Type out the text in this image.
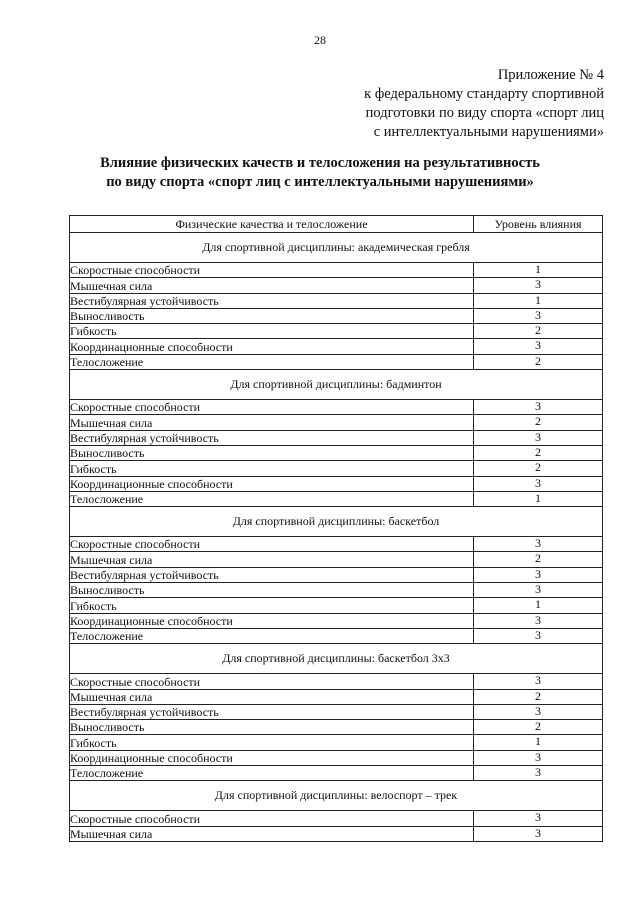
28
Приложение № 4
к федеральному стандарту спортивной
подготовки по виду спорта «спорт лиц
с интеллектуальными нарушениями»
Влияние физических качеств и телосложения на результативность
по виду спорта «спорт лиц с интеллектуальными нарушениями»
Физические качества и телосложение	Уровень влияния
Для спортивной дисциплины: академическая гребля	
Скоростные способности	1
Мышечная сила	3
Вестибулярная устойчивость	1
Выносливость	3
Гибкость	2
Координационные способности	3
Телосложение	2
Для спортивной дисциплины: бадминтон	
Скоростные способности	3
Мышечная сила	2
Вестибулярная устойчивость	3
Выносливость	2
Гибкость	2
Координационные способности	3
Телосложение	1
Для спортивной дисциплины: баскетбол	
Скоростные способности	3
Мышечная сила	2
Вестибулярная устойчивость	3
Выносливость	3
Гибкость	1
Координационные способности	3
Телосложение	3
Для спортивной дисциплины: баскетбол 3x3	
Скоростные способности	3
Мышечная сила	2
Вестибулярная устойчивость	3
Выносливость	2
Гибкость	1
Координационные способности	3
Телосложение	3
Для спортивной дисциплины: велоспорт – трек	
Скоростные способности	3
Мышечная сила	3
